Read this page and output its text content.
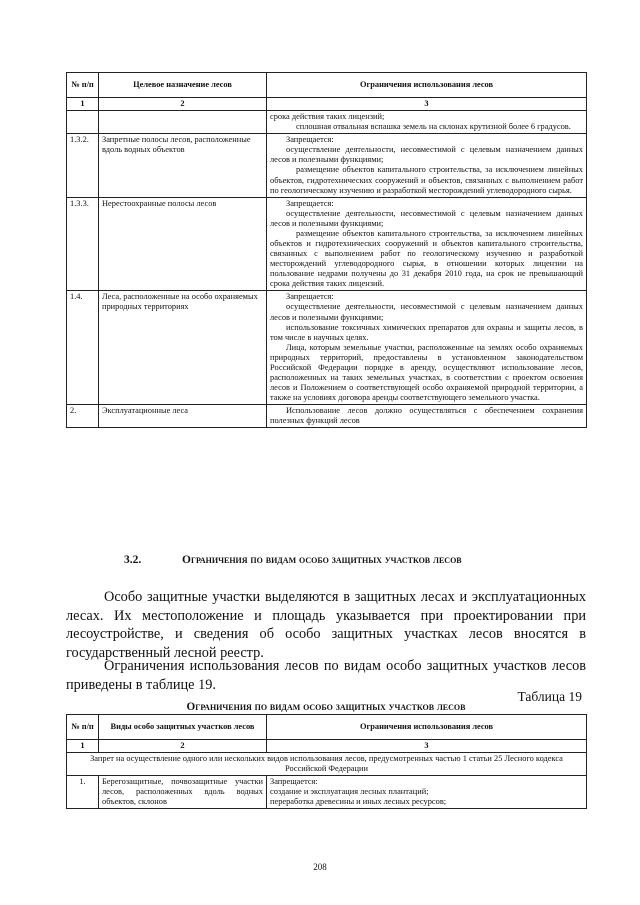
№ п/п	Целевое назначение лесов	Ограничения использования лесов
1	2	3

		срока действия таких лицензий;

сплошная отвальная вспашка земель на склонах крутизной более 6 градусов.

1.3.2.	Запретные полосы лесов, расположенные вдоль водных объектов	Запрещается:

осуществление деятельности, несовместимой с целевым назначением данных лесов и полезными функциями;

размещение объектов капитального строительства, за исключением линейных объектов, гидротехнических сооружений и объектов, связанных с выполнением работ по геологическому изучению и разработкой месторождений углеводородного сырья.

1.3.3.	Нерестоохранные полосы лесов	Запрещается:

осуществление деятельности, несовместимой с целевым назначением данных лесов и полезными функциями;

размещение объектов капитального строительства, за исключением линейных объектов и гидротехнических сооружений и объектов капитального строительства, связанных с выполнением работ по геологическому изучению и разработкой месторождений углеводородного сырья, в отношении которых лицензии на пользование недрами получены до 31 декабря 2010 года, на срок не превышающий срока действия таких лицензий.

1.4.	Леса, расположенные на особо охраняемых природных территориях	Запрещается:

осуществление деятельности, несовместимой с целевым назначением данных лесов и полезными функциями;

использование токсичных химических препаратов для охраны и защиты лесов, в том числе в научных целях.

Лица, которым земельные участки, расположенные на землях особо охраняемых природных территорий, предоставлены в установленном законодательством Российской Федерации порядке в аренду, осуществляют использование лесов, расположенных на таких земельных участках, в соответствии с проектом освоения лесов и Положением о соответствующей особо охраняемой природной территории, а также на условиях договора аренды соответствующего земельного участка.

2.	Эксплуатационные леса	Использование лесов должно осуществляться с обеспечением сохранения полезных функций лесов

3.2.	Ограничения по видам особо защитных участков лесов
Особо защитные участки выделяются в защитных лесах и эксплуатационных лесах. Их местоположение и площадь указывается при проектировании при лесоустройстве, и сведения об особо защитных участках лесов вносятся в государственный лесной реестр.
Ограничения использования лесов по видам особо защитных участков лесов приведены в таблице 19.
Таблица 19
Ограничения по видам особо защитных участков лесов
№ п/п	Виды особо защитных участков лесов	Ограничения использования лесов
1	2	3
Запрет на осуществление одного или нескольких видов использования лесов, предусмотренных частью 1 статьи 25 Лесного кодекса Российской Федерации		
1.	Берегозащитные, почвозащитные участки лесов, расположенных вдоль водных объектов, склонов	Запрещается:

создание и эксплуатация лесных плантаций;

переработка древесины и иных лесных ресурсов;

208
